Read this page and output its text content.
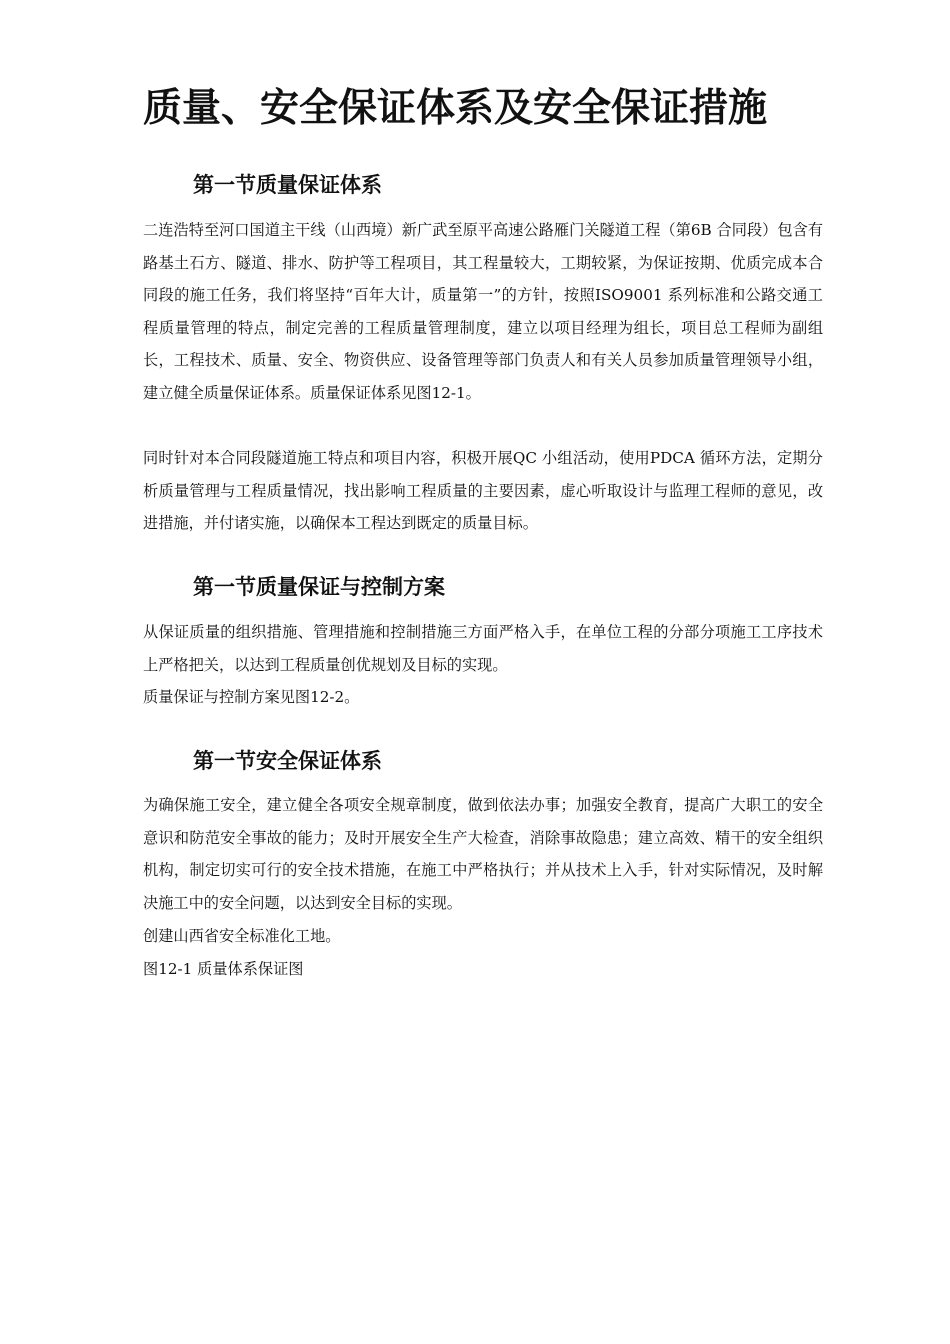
质量、安全保证体系及安全保证措施
第一节质量保证体系

二连浩特至河口国道主干线（山西境）新广武至原平高速公路雁门关隧道工程（第6B 合同段）包含有路基土石方、隧道、排水、防护等工程项目，其工程量较大，工期较紧，为保证按期、优质完成本合同段的施工任务，我们将坚持“百年大计，质量第一”的方针，按照ISO9001 系列标准和公路交通工程质量管理的特点，制定完善的工程质量管理制度，建立以项目经理为组长，项目总工程师为副组长，工程技术、质量、安全、物资供应、设备管理等部门负责人和有关人员参加质量管理领导小组，建立健全质量保证体系。质量保证体系见图12-1。

同时针对本合同段隧道施工特点和项目内容，积极开展QC 小组活动，使用PDCA 循环方法，定期分析质量管理与工程质量情况，找出影响工程质量的主要因素，虚心听取设计与监理工程师的意见，改进措施，并付诸实施，以确保本工程达到既定的质量目标。

第一节质量保证与控制方案

从保证质量的组织措施、管理措施和控制措施三方面严格入手，在单位工程的分部分项施工工序技术上严格把关，以达到工程质量创优规划及目标的实现。

质量保证与控制方案见图12-2。

第一节安全保证体系

为确保施工安全，建立健全各项安全规章制度，做到依法办事；加强安全教育，提高广大职工的安全意识和防范安全事故的能力；及时开展安全生产大检查，消除事故隐患；建立高效、精干的安全组织机构，制定切实可行的安全技术措施，在施工中严格执行；并从技术上入手，针对实际情况，及时解决施工中的安全问题，以达到安全目标的实现。

创建山西省安全标准化工地。

图12-1 质量体系保证图
